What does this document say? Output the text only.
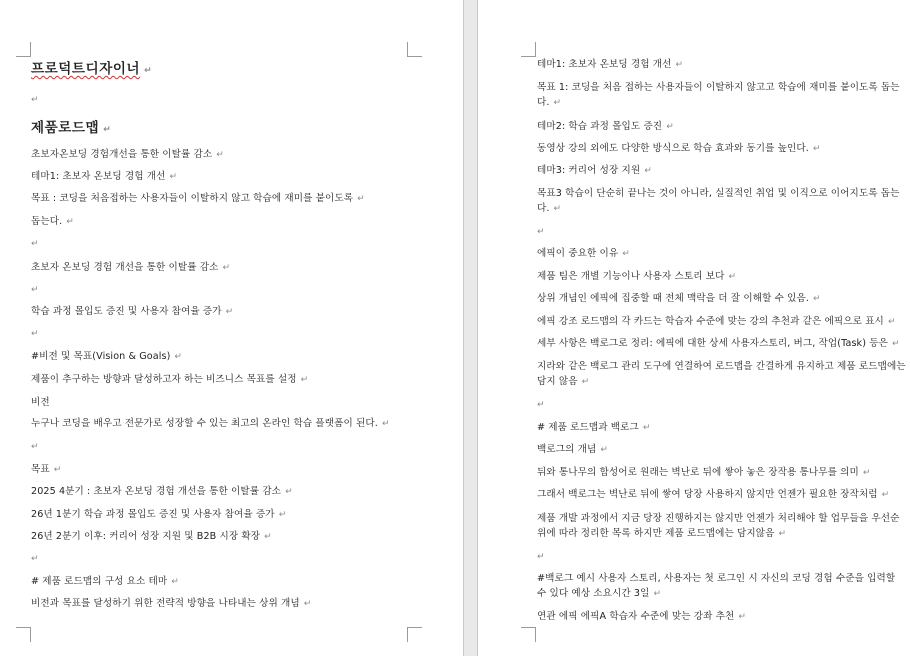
프로덕트디자이너 ↵
↵
제품로드맵 ↵
초보자온보딩 경험개선을 통한 이탈률 감소 ↵
테마1: 초보자 온보딩 경험 개선 ↵
목표 : 코딩을 처음접하는 사용자들이 이탈하지 않고 학습에 재미를 붙이도록 ↵
돕는다. ↵
↵
초보자 온보딩 경험 개선을 통한 이탈률 감소 ↵
↵
학습 과정 몰입도 증진 및 사용자 참여율 증가 ↵
↵
#비전 및 목표(Vision & Goals) ↵
제품이 추구하는 방향과 달성하고자 하는 비즈니스 목표를 설정 ↵
비전
누구나 코딩을 배우고 전문가로 성장할 수 있는 최고의 온라인 학습 플랫폼이 된다. ↵
↵
목표 ↵
2025 4분기 : 초보자 온보딩 경험 개선을 통한 이탈률 감소 ↵
26년 1분기 학습 과정 몰입도 증진 및 사용자 참여율 증가 ↵
26년 2분기 이후: 커리어 성장 지원 및 B2B 시장 확장 ↵
↵
# 제품 로드맵의 구성 요소 테마 ↵
비전과 목표를 달성하기 위한 전략적 방향을 나타내는 상위 개념 ↵
테마1: 초보자 온보딩 경험 개선 ↵
목표 1: 코딩을 처음 접하는 사용자들이 이탈하지 않고고 학습에 재미를 붙이도록 돕는
다. ↵
테마2: 학습 과정 몰입도 증진 ↵
동영상 강의 외에도 다양한 방식으로 학습 효과와 동기를 높인다. ↵
테마3: 커리어 성장 지원 ↵
목표3 학습이 단순히 끝나는 것이 아니라, 실질적인 취업 및 이직으로 이어지도록 돕는
다. ↵
↵
에픽이 중요한 이유 ↵
제품 팀은 개별 기능이나 사용자 스토리 보다 ↵
상위 개념인 에픽에 집중할 때 전체 맥락을 더 잘 이해할 수 있음. ↵
에픽 강조 로드맵의 각 카드는 학습자 수준에 맞는 강의 추천과 같은 에픽으로 표시 ↵
세부 사항은 백로그로 정리: 에픽에 대한 상세 사용자스토리, 버그, 작업(Task) 등은 ↵
지라와 같은 백로그 관리 도구에 연결하여 로드맵을 간결하게 유지하고 제품 로드맵에는
담지 않음 ↵
↵
# 제품 로드맵과 백로그 ↵
백로그의 개념 ↵
뒤와 통나무의 합성어로 원래는 벽난로 뒤에 쌓아 놓은 장작용 통나무를 의미 ↵
그래서 백로그는 벽난로 뒤에 쌓여 당장 사용하지 않지만 언젠가 필요한 장작처럼 ↵
제품 개발 과정에서 지금 당장 진행하지는 않지만 언젠가 처리해야 할 업무들을 우선순
위에 따라 정리한 목록 하지만 제품 로드맵에는 담지않음 ↵
↵
#백로그 예시 사용자 스토리, 사용자는 첫 로그인 시 자신의 코딩 경험 수준을 입력할
수 있다 예상 소요시간 3일 ↵
연관 에픽 에픽A 학습자 수준에 맞는 강좌 추천 ↵
